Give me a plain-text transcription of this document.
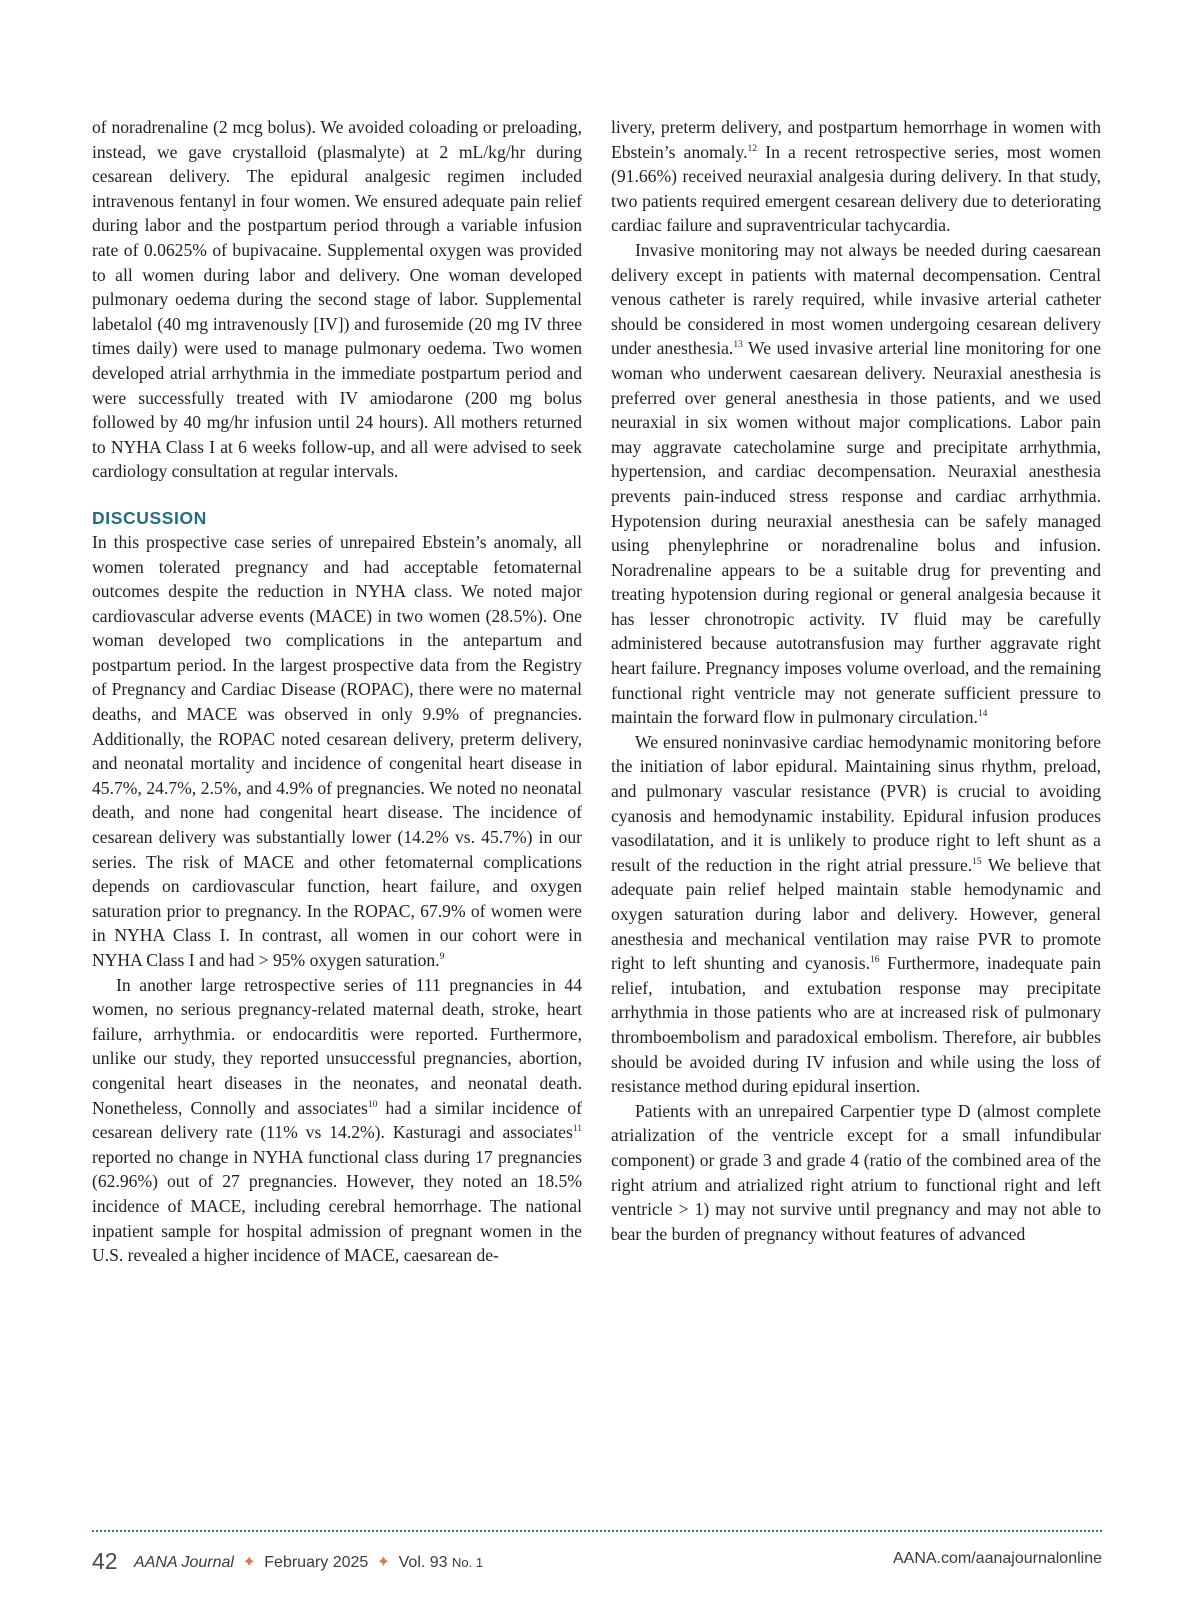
of noradrenaline (2 mcg bolus). We avoided coloading or preloading, instead, we gave crystalloid (plasmalyte) at 2 mL/kg/hr during cesarean delivery. The epidural analgesic regimen included intravenous fentanyl in four women. We ensured adequate pain relief during labor and the postpartum period through a variable infusion rate of 0.0625% of bupivacaine. Supplemental oxygen was provided to all women during labor and delivery. One woman developed pulmonary oedema during the second stage of labor. Supplemental labetalol (40 mg intravenously [IV]) and furosemide (20 mg IV three times daily) were used to manage pulmonary oedema. Two women developed atrial arrhythmia in the immediate postpartum period and were successfully treated with IV amiodarone (200 mg bolus followed by 40 mg/hr infusion until 24 hours). All mothers returned to NYHA Class I at 6 weeks follow-up, and all were advised to seek cardiology consultation at regular intervals.

DISCUSSION

In this prospective case series of unrepaired Ebstein’s anomaly, all women tolerated pregnancy and had acceptable fetomaternal outcomes despite the reduction in NYHA class. We noted major cardiovascular adverse events (MACE) in two women (28.5%). One woman developed two complications in the antepartum and postpartum period. In the largest prospective data from the Registry of Pregnancy and Cardiac Disease (ROPAC), there were no maternal deaths, and MACE was observed in only 9.9% of pregnancies. Additionally, the ROPAC noted cesarean delivery, preterm delivery, and neonatal mortality and incidence of congenital heart disease in 45.7%, 24.7%, 2.5%, and 4.9% of pregnancies. We noted no neonatal death, and none had congenital heart disease. The incidence of cesarean delivery was substantially lower (14.2% vs. 45.7%) in our series. The risk of MACE and other fetomaternal complications depends on cardiovascular function, heart failure, and oxygen saturation prior to pregnancy. In the ROPAC, 67.9% of women were in NYHA Class I. In contrast, all women in our cohort were in NYHA Class I and had > 95% oxygen saturation.$^9$

In another large retrospective series of 111 pregnancies in 44 women, no serious pregnancy-related maternal death, stroke, heart failure, arrhythmia. or endocarditis were reported. Furthermore, unlike our study, they reported unsuccessful pregnancies, abortion, congenital heart diseases in the neonates, and neonatal death. Nonetheless, Connolly and associates$^{10}$ had a similar incidence of cesarean delivery rate (11% vs 14.2%). Kasturagi and associates$^{11}$ reported no change in NYHA functional class during 17 pregnancies (62.96%) out of 27 pregnancies. However, they noted an 18.5% incidence of MACE, including cerebral hemorrhage. The national inpatient sample for hospital admission of pregnant women in the U.S. revealed a higher incidence of MACE, caesarean de-

livery, preterm delivery, and postpartum hemorrhage in women with Ebstein’s anomaly.$^{12}$ In a recent retrospective series, most women (91.66%) received neuraxial analgesia during delivery. In that study, two patients required emergent cesarean delivery due to deteriorating cardiac failure and supraventricular tachycardia.

Invasive monitoring may not always be needed during caesarean delivery except in patients with maternal decompensation. Central venous catheter is rarely required, while invasive arterial catheter should be considered in most women undergoing cesarean delivery under anesthesia.$^{13}$ We used invasive arterial line monitoring for one woman who underwent caesarean delivery. Neuraxial anesthesia is preferred over general anesthesia in those patients, and we used neuraxial in six women without major complications. Labor pain may aggravate catecholamine surge and precipitate arrhythmia, hypertension, and cardiac decompensation. Neuraxial anesthesia prevents pain-induced stress response and cardiac arrhythmia. Hypotension during neuraxial anesthesia can be safely managed using phenylephrine or noradrenaline bolus and infusion. Noradrenaline appears to be a suitable drug for preventing and treating hypotension during regional or general analgesia because it has lesser chronotropic activity. IV fluid may be carefully administered because autotransfusion may further aggravate right heart failure. Pregnancy imposes volume overload, and the remaining functional right ventricle may not generate sufficient pressure to maintain the forward flow in pulmonary circulation.$^{14}$

We ensured noninvasive cardiac hemodynamic monitoring before the initiation of labor epidural. Maintaining sinus rhythm, preload, and pulmonary vascular resistance (PVR) is crucial to avoiding cyanosis and hemodynamic instability. Epidural infusion produces vasodilatation, and it is unlikely to produce right to left shunt as a result of the reduction in the right atrial pressure.$^{15}$ We believe that adequate pain relief helped maintain stable hemodynamic and oxygen saturation during labor and delivery. However, general anesthesia and mechanical ventilation may raise PVR to promote right to left shunting and cyanosis.$^{16}$ Furthermore, inadequate pain relief, intubation, and extubation response may precipitate arrhythmia in those patients who are at increased risk of pulmonary thromboembolism and paradoxical embolism. Therefore, air bubbles should be avoided during IV infusion and while using the loss of resistance method during epidural insertion.

Patients with an unrepaired Carpentier type D (almost complete atrialization of the ventricle except for a small infundibular component) or grade 3 and grade 4 (ratio of the combined area of the right atrium and atrialized right atrium to functional right and left ventricle > 1) may not survive until pregnancy and may not able to bear the burden of pregnancy without features of advanced

42 AANA Journal ✦ February 2025 ✦ Vol. 93 No. 1	AANA.com/aanajournalonline
